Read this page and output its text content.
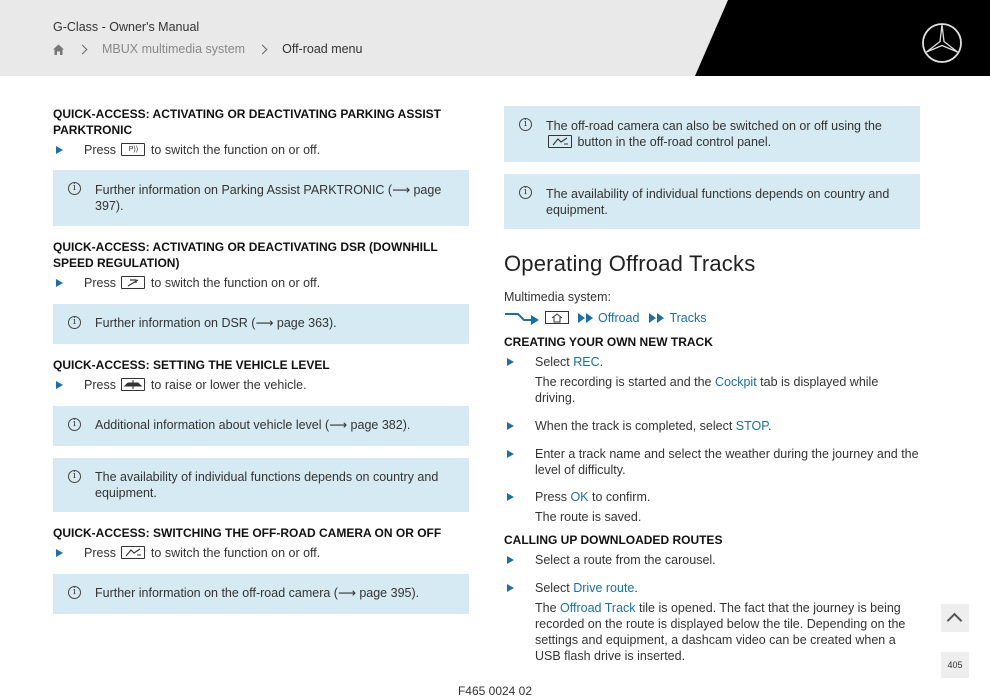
G-Class - Owner's Manual
MBUX multimedia system	Off-road menu
QUICK-ACCESS: ACTIVATING OR DEACTIVATING PARKING ASSIST PARKTRONIC
Press P)) to switch the function on or off.
i	Further information on Parking Assist PARKTRONIC (⟶ page 397).
QUICK-ACCESS: ACTIVATING OR DEACTIVATING DSR (DOWNHILL SPEED REGULATION)
Press	to switch the function on or off.
i	Further information on DSR (⟶ page 363).
QUICK-ACCESS: SETTING THE VEHICLE LEVEL
Press	to raise or lower the vehicle.
i	Additional information about vehicle level (⟶ page 382).
i	The availability of individual functions depends on country and equipment.
QUICK-ACCESS: SWITCHING THE OFF-ROAD CAMERA ON OR OFF
Press	to switch the function on or off.
i	Further information on the off-road camera (⟶ page 395).
i	The off-road camera can also be switched on or off using the  button in the off-road control panel.
i	The availability of individual functions depends on country and equipment.
Operating Offroad Tracks
Multimedia system:
Offroad Tracks
CREATING YOUR OWN NEW TRACK
Select REC.
The recording is started and the Cockpit tab is displayed while driving.
When the track is completed, select STOP.
Enter a track name and select the weather during the journey and the level of difficulty.
Press OK to confirm.
The route is saved.
CALLING UP DOWNLOADED ROUTES
Select a route from the carousel.
Select Drive route.
The Offroad Track tile is opened. The fact that the journey is being recorded on the route is displayed below the tile. Depending on the settings and equipment, a dashcam video can be created when a USB flash drive is inserted.
405
F465 0024 02
